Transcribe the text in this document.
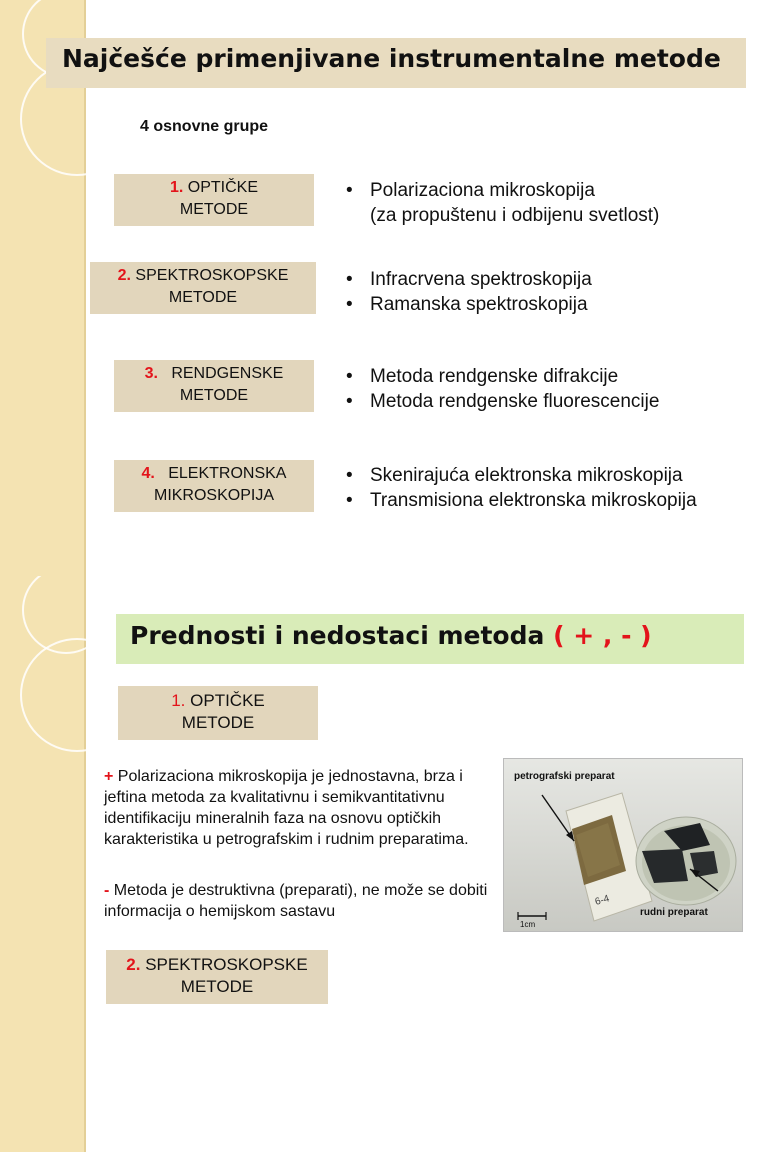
Najčešće primenjivane instrumentalne metode
4 osnovne grupe
1. OPTIČKE
METODE
• Polarizaciona mikroskopija
(za propuštenu i odbijenu svetlost)
2. SPEKTROSKOPSKE
METODE
• Infracrvena spektroskopija
• Ramanska spektroskopija
3. RENDGENSKE
METODE
• Metoda rendgenske difrakcije
• Metoda rendgenske fluorescencije
4. ELEKTRONSKA
MIKROSKOPIJA
• Skenirajuća elektronska mikroskopija
• Transmisiona elektronska mikroskopija
Prednosti i nedostaci metoda ( + , - )
1. OPTIČKE
METODE
+ Polarizaciona mikroskopija je jednostavna, brza i jeftina metoda za kvalitativnu i semikvantitativnu identifikaciju mineralnih faza na osnovu optičkih karakteristika u petrografskim i rudnim preparatima.
- Metoda je destruktivna (preparati), ne može se dobiti informacija o hemijskom sastavu
1cm
petrografski preparat
rudni preparat
6-4
2. SPEKTROSKOPSKE
METODE
